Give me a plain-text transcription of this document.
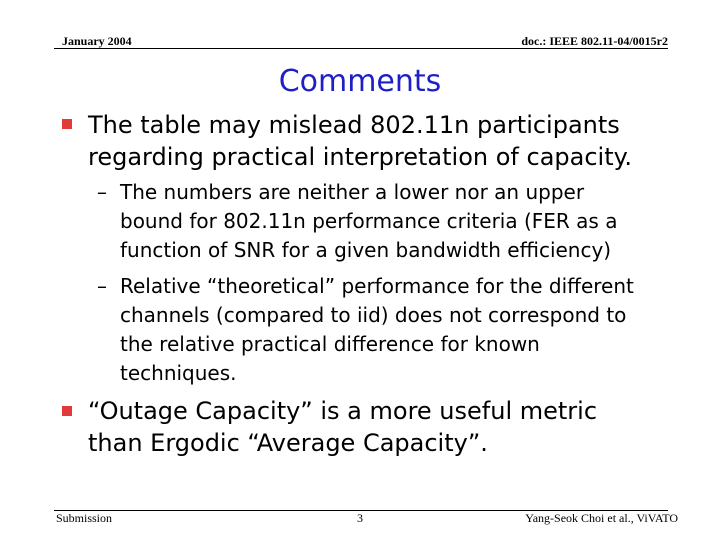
January 2004	doc.: IEEE 802.11-04/0015r2
Comments
The table may mislead 802.11n participants
regarding practical interpretation of capacity.
– The numbers are neither a lower nor an upper
bound for 802.11n performance criteria (FER as a
function of SNR for a given bandwidth efficiency)
– Relative “theoretical” performance for the different
channels (compared to iid) does not correspond to
the relative practical difference for known
techniques.
“Outage Capacity” is a more useful metric
than Ergodic “Average Capacity”.
Submission	3	Yang-Seok Choi et al., ViVATO
